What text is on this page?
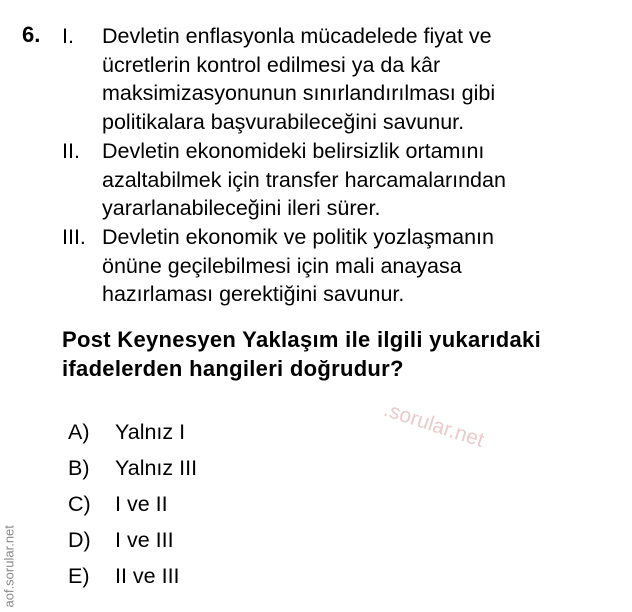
6. I. Devletin enflasyonla mücadelede fiyat ve
ücretlerin kontrol edilmesi ya da kâr
maksimizasyonunun sınırlandırılması gibi
politikalara başvurabileceğini savunur.
II. Devletin ekonomideki belirsizlik ortamını
azaltabilmek için transfer harcamalarından
yararlanabileceğini ileri sürer.
III. Devletin ekonomik ve politik yozlaşmanın
önüne geçilebilmesi için mali anayasa
hazırlaması gerektiğini savunur.
Post Keynesyen Yaklaşım ile ilgili yukarıdaki
ifadelerden hangileri doğrudur?
.sorular.net
A) Yalnız I
B) Yalnız III
C) I ve II
D) I ve III
E) II ve III
aof.sorular.net
